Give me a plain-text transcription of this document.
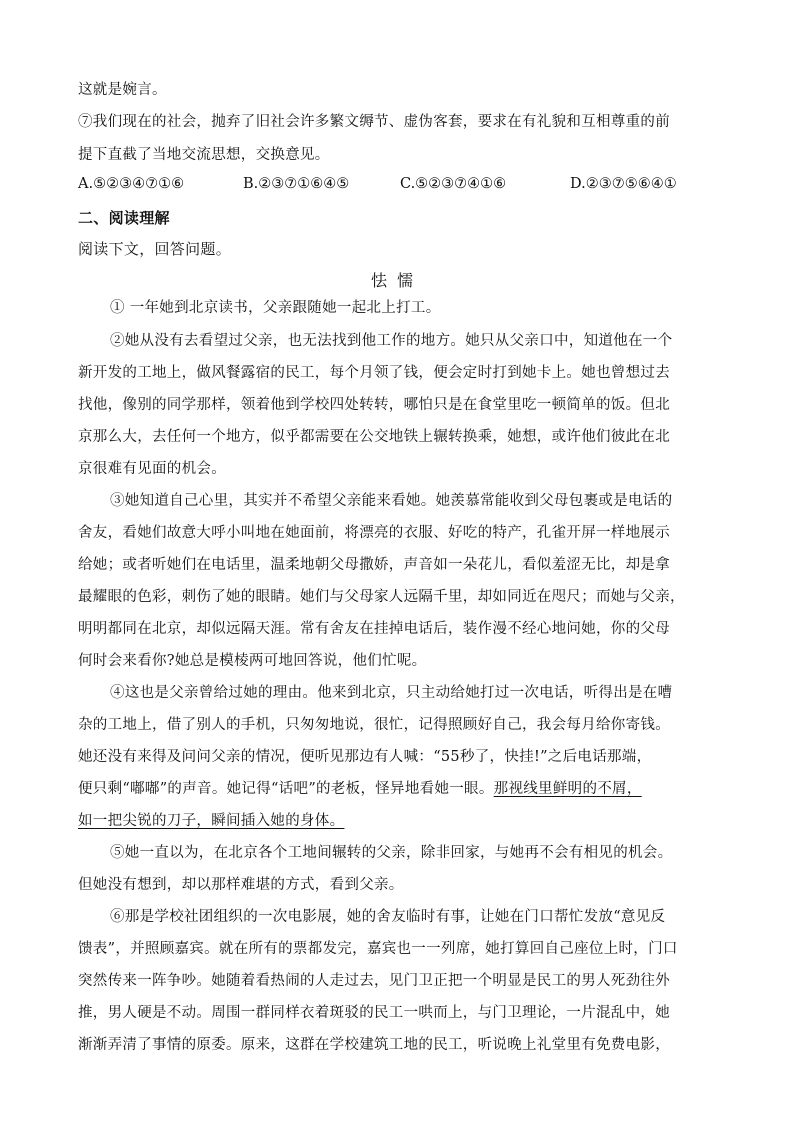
这就是婉言。
⑦我们现在的社会，抛弃了旧社会许多繁文缛节、虚伪客套，要求在有礼貌和互相尊重的前
提下直截了当地交流思想，交换意见。
A.⑤②③④⑦①⑥	B.②③⑦①⑥④⑤	C.⑤②③⑦④①⑥	D.②③⑦⑤⑥④①
二、阅读理解
阅读下文，回答问题。
怯懦
① 一年她到北京读书，父亲跟随她一起北上打工。
②她从没有去看望过父亲，也无法找到他工作的地方。她只从父亲口中，知道他在一个
新开发的工地上，做风餐露宿的民工，每个月领了钱，便会定时打到她卡上。她也曾想过去
找他，像别的同学那样，领着他到学校四处转转，哪怕只是在食堂里吃一顿简单的饭。但北
京那么大，去任何一个地方，似乎都需要在公交地铁上辗转换乘，她想，或许他们彼此在北
京很难有见面的机会。
③她知道自己心里，其实并不希望父亲能来看她。她羡慕常能收到父母包裹或是电话的
舍友，看她们故意大呼小叫地在她面前，将漂亮的衣服、好吃的特产，孔雀开屏一样地展示
给她；或者听她们在电话里，温柔地朝父母撒娇，声音如一朵花儿，看似羞涩无比，却是拿
最耀眼的色彩，刺伤了她的眼睛。她们与父母家人远隔千里，却如同近在咫尺；而她与父亲，
明明都同在北京，却似远隔天涯。常有舍友在挂掉电话后，装作漫不经心地问她，你的父母
何时会来看你?她总是模棱两可地回答说，他们忙呢。
④这也是父亲曾给过她的理由。他来到北京，只主动给她打过一次电话，听得出是在嘈
杂的工地上，借了别人的手机，只匆匆地说，很忙，记得照顾好自己，我会每月给你寄钱。
她还没有来得及问问父亲的情况，便听见那边有人喊：“55秒了，快挂!”之后电话那端，
便只剩“嘟嘟”的声音。她记得“话吧”的老板，怪异地看她一眼。那视线里鲜明的不屑，
如一把尖锐的刀子，瞬间插入她的身体。
⑤她一直以为，在北京各个工地间辗转的父亲，除非回家，与她再不会有相见的机会。
但她没有想到，却以那样难堪的方式，看到父亲。
⑥那是学校社团组织的一次电影展，她的舍友临时有事，让她在门口帮忙发放“意见反
馈表”，并照顾嘉宾。就在所有的票都发完，嘉宾也一一列席，她打算回自己座位上时，门口
突然传来一阵争吵。她随着看热闹的人走过去，见门卫正把一个明显是民工的男人死劲往外
推，男人硬是不动。周围一群同样衣着斑驳的民工一哄而上，与门卫理论，一片混乱中，她
渐渐弄清了事情的原委。原来，这群在学校建筑工地的民工，听说晚上礼堂里有免费电影，
